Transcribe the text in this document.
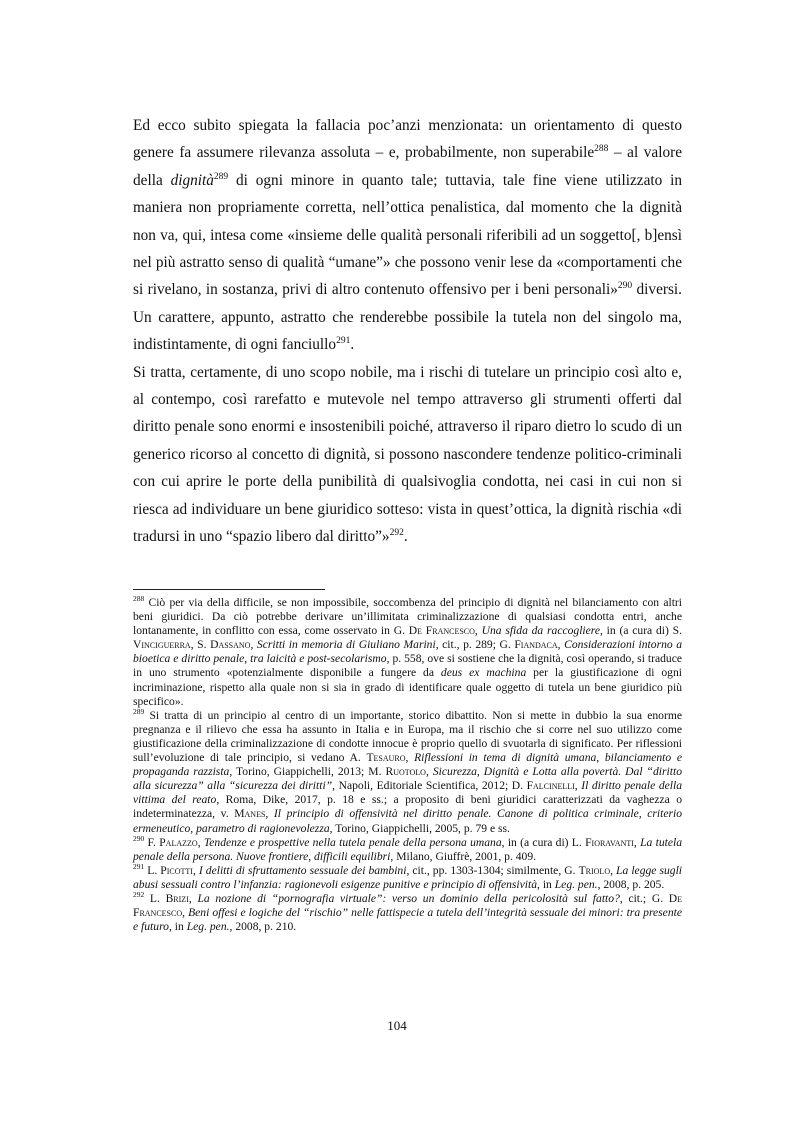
Ed ecco subito spiegata la fallacia poc’anzi menzionata: un orientamento di questo genere fa assumere rilevanza assoluta – e, probabilmente, non superabile$^{288}$ – al valore della dignità$^{289}$ di ogni minore in quanto tale; tuttavia, tale fine viene utilizzato in maniera non propriamente corretta, nell’ottica penalistica, dal momento che la dignità non va, qui, intesa come «insieme delle qualità personali riferibili ad un soggetto[, b]ensì nel più astratto senso di qualità “umane”» che possono venir lese da «comportamenti che si rivelano, in sostanza, privi di altro contenuto offensivo per i beni personali»$^{290}$ diversi. Un carattere, appunto, astratto che renderebbe possibile la tutela non del singolo ma, indistintamente, di ogni fanciullo$^{291}$.

Si tratta, certamente, di uno scopo nobile, ma i rischi di tutelare un principio così alto e, al contempo, così rarefatto e mutevole nel tempo attraverso gli strumenti offerti dal diritto penale sono enormi e insostenibili poiché, attraverso il riparo dietro lo scudo di un generico ricorso al concetto di dignità, si possono nascondere tendenze politico-criminali con cui aprire le porte della punibilità di qualsivoglia condotta, nei casi in cui non si riesca ad individuare un bene giuridico sotteso: vista in quest’ottica, la dignità rischia «di tradursi in uno “spazio libero dal diritto”»$^{292}$.

$^{288}$ Ciò per via della difficile, se non impossibile, soccombenza del principio di dignità nel bilanciamento con altri beni giuridici. Da ciò potrebbe derivare un’illimitata criminalizzazione di qualsiasi condotta entri, anche lontanamente, in conflitto con essa, come osservato in G. De Francesco, Una sfida da raccogliere, in (a cura di) S. Vinciguerra, S. Dassano, Scritti in memoria di Giuliano Marini, cit., p. 289; G. Fiandaca, Considerazioni intorno a bioetica e diritto penale, tra laicità e post-secolarismo, p. 558, ove si sostiene che la dignità, così operando, si traduce in uno strumento «potenzialmente disponibile a fungere da deus ex machina per la giustificazione di ogni incriminazione, rispetto alla quale non si sia in grado di identificare quale oggetto di tutela un bene giuridico più specifico».

$^{289}$ Si tratta di un principio al centro di un importante, storico dibattito. Non si mette in dubbio la sua enorme pregnanza e il rilievo che essa ha assunto in Italia e in Europa, ma il rischio che si corre nel suo utilizzo come giustificazione della criminalizzazione di condotte innocue è proprio quello di svuotarla di significato. Per riflessioni sull’evoluzione di tale principio, si vedano A. Tesauro, Riflessioni in tema di dignità umana, bilanciamento e propaganda razzista, Torino, Giappichelli, 2013; M. Ruotolo, Sicurezza, Dignità e Lotta alla povertà. Dal “diritto alla sicurezza” alla “sicurezza dei diritti”, Napoli, Editoriale Scientifica, 2012; D. Falcinelli, Il diritto penale della vittima del reato, Roma, Dike, 2017, p. 18 e ss.; a proposito di beni giuridici caratterizzati da vaghezza o indeterminatezza, v. Manes, Il principio di offensività nel diritto penale. Canone di politica criminale, criterio ermeneutico, parametro di ragionevolezza, Torino, Giappichelli, 2005, p. 79 e ss.

$^{290}$ F. Palazzo, Tendenze e prospettive nella tutela penale della persona umana, in (a cura di) L. Fioravanti, La tutela penale della persona. Nuove frontiere, difficili equilibri, Milano, Giuffrè, 2001, p. 409.

$^{291}$ L. Picotti, I delitti di sfruttamento sessuale dei bambini, cit., pp. 1303-1304; similmente, G. Triolo, La legge sugli abusi sessuali contro l’infanzia: ragionevoli esigenze punitive e principio di offensività, in Leg. pen., 2008, p. 205.

$^{292}$ L. Brizi, La nozione di “pornografia virtuale”: verso un dominio della pericolosità sul fatto?, cit.; G. De Francesco, Beni offesi e logiche del “rischio” nelle fattispecie a tutela dell’integrità sessuale dei minori: tra presente e futuro, in Leg. pen., 2008, p. 210.

104
